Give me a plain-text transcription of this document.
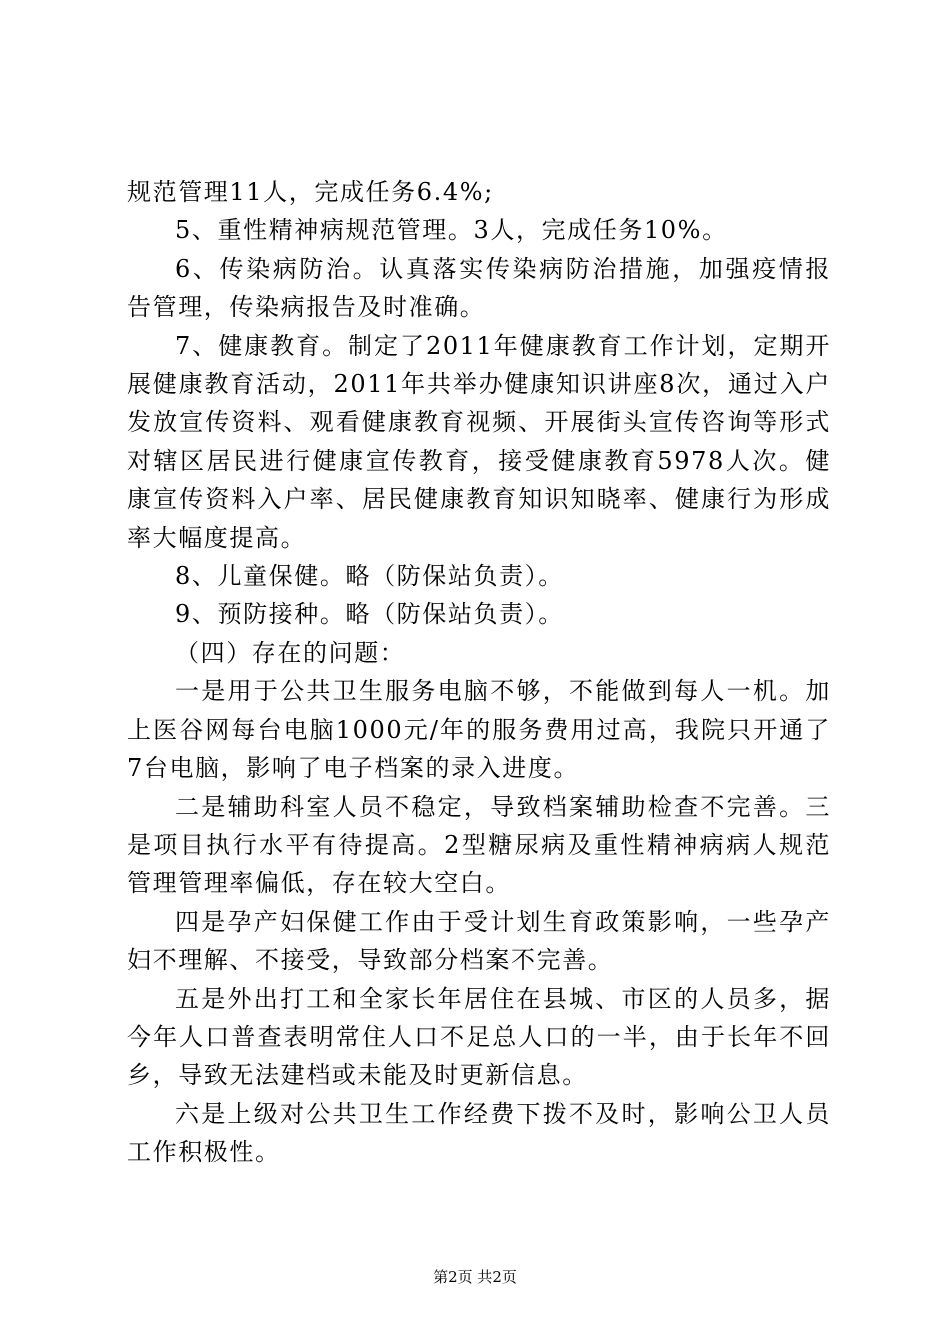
规范管理11人，完成任务6.4%;

5、重性精神病规范管理。3人，完成任务10%。

6、传染病防治。认真落实传染病防治措施，加强疫情报告管理，传染病报告及时准确。

7、健康教育。制定了2011年健康教育工作计划，定期开展健康教育活动，2011年共举办健康知识讲座8次，通过入户发放宣传资料、观看健康教育视频、开展街头宣传咨询等形式对辖区居民进行健康宣传教育，接受健康教育5978人次。健康宣传资料入户率、居民健康教育知识知晓率、健康行为形成率大幅度提高。

8、儿童保健。略（防保站负责）。

9、预防接种。略（防保站负责）。

（四）存在的问题：

一是用于公共卫生服务电脑不够，不能做到每人一机。加上医谷网每台电脑1000元/年的服务费用过高，我院只开通了7台电脑，影响了电子档案的录入进度。

二是辅助科室人员不稳定，导致档案辅助检查不完善。三是项目执行水平有待提高。2型糖尿病及重性精神病病人规范管理管理率偏低，存在较大空白。

四是孕产妇保健工作由于受计划生育政策影响，一些孕产妇不理解、不接受，导致部分档案不完善。

五是外出打工和全家长年居住在县城、市区的人员多，据今年人口普查表明常住人口不足总人口的一半，由于长年不回乡，导致无法建档或未能及时更新信息。

六是上级对公共卫生工作经费下拨不及时，影响公卫人员工作积极性。

第2页 共2页
